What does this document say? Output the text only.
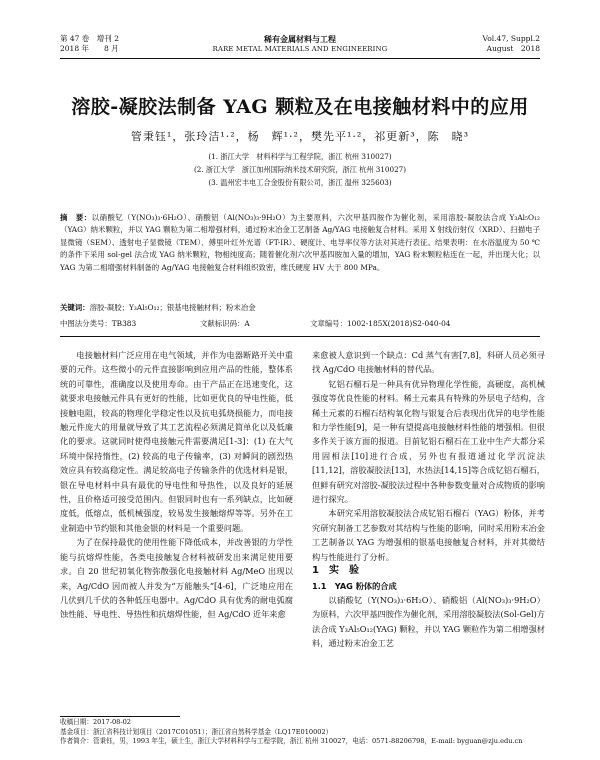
第 47 卷　增刊 2
2018 年　　8 月
稀有金属材料与工程
RARE METAL MATERIALS AND ENGINEERING
Vol.47, Suppl.2
August　2018
溶胶-凝胶法制备 YAG 颗粒及在电接触材料中的应用
管秉钰¹，张玲洁¹·²，杨　辉¹·²，樊先平¹·²，祁更新³，陈　晓³
(1. 浙江大学　材料科学与工程学院，浙江 杭州 310027)
(2. 浙江大学　浙江加州国际纳米技术研究院，浙江 杭州 310027)
(3. 温州宏丰电工合金股份有限公司，浙江 温州 325603)
摘　要：以硝酸钇（Y(NO₃)₃·6H₂O）、硝酸铝（Al(NO₃)₃·9H₂O）为主要原料，六次甲基四胺作为催化剂，采用溶胶-凝胶法合成 Y₃Al₅O₁₂（YAG）纳米颗粒，并以 YAG 颗粒为第二相增强材料，通过粉末冶金工艺制备 Ag/YAG 电接触复合材料。采用 X 射线衍射仪（XRD）、扫描电子显微镜（SEM）、透射电子显微镜（TEM）、傅里叶红外光谱（FT-IR）、硬度计、电导率仪等方法对其进行表征。结果表明：在水浴温度为 50 ℃的条件下采用 sol-gel 法合成 YAG 纳米颗粒，物相纯度高；随着催化剂六次甲基四胺加入量的增加，YAG 粉末颗粒粘连在一起，并出现大化；以 YAG 为第二相增强材料制备的 Ag/YAG 电接触复合材料组织致密，维氏硬度 HV 大于 800 MPa。
关键词：溶胶-凝胶；Y₃Al₅O₁₂；银基电接触材料；粉末冶金
中图法分类号：TB383	文献标识码：A	文章编号：1002-185X(2018)S2-040-04

电接触材料广泛应用在电气领域，并作为电器断路开关中重要的元件。这些微小的元件直接影响到应用产品的性能，整体系统的可靠性，准确度以及使用寿命。由于产品正在迅速变化，这就要求电接触元件具有更好的性能，比如更优良的导电性能，低接触电阻，较高的物理化学稳定性以及抗电弧烧损能力，而电接触元件庞大的用量就导致了其工艺流程必须满足简单化以及低廉化的要求。这就同时使得电接触元件需要满足[1-3]：(1) 在大气环境中保持惰性，(2) 较高的电子传输率，(3) 对瞬间的剧烈热效应具有较高稳定性。满足较高电子传输条件的优选材料是银，银在导电材料中具有最优的导电性和导热性，以及良好的延展性，且价格适可接受范围内。但银同时也有一系列缺点，比如硬度低，低熔点，低机械强度，较易发生接触熔焊等等。另外在工业制造中节约银和其他金银的材料是一个重要问题。

为了在保持最优的使用性能下降低成本，并改善银的力学性能与抗熔焊性能，各类电接触复合材料被研发出来满足使用要求。自 20 世纪初氧化物弥散强化电接触材料 Ag/MeO 出现以来，Ag/CdO 因而被人并发为“万能触头”[4-6]，广泛地应用在几伏到几千伏的各种低压电器中。Ag/CdO 具有优秀的耐电弧腐蚀性能、导电性、导热性和抗熔焊性能，但 Ag/CdO 近年来愈

来愈被人意识到一个缺点：Cd 蒸气有害[7,8]，科研人员必须寻找 Ag/CdO 电接触材料的替代品。

钇铝石榴石是一种具有优异物理化学性能，高硬度，高机械强度等优良性能的材料。稀土元素具有特殊的外层电子结构，含稀土元素的石榴石结构氧化物与银复合后表现出优异的电学性能和力学性能[9]，是一种有望提高电接触材料性能的增强相。但很多作关于该方面的报道。目前钇铝石榴石在工业中生产大都分采用固相法[10]进行合成，另外也有报道通过化学沉淀法[11,12]，溶胶凝胶法[13]，水热法[14,15]等合成钇铝石榴石，但鲜有研究对溶胶-凝胶法过程中各种参数变量对合成物质的影响进行探究。

本研究采用溶胶凝胶法合成钇铝石榴石（YAG）粉体，并考究研究制备工艺参数对其结构与性能的影响，同时采用粉末冶金工艺制备以 YAG 为增强相的银基电接触复合材料，并对其微结构与性能进行了分析。

1　实　验

1.1　YAG 粉体的合成

以硝酸钇（Y(NO₃)₃·6H₂O）、硝酸铝（Al(NO₃)₃·9H₂O）为原料，六次甲基四胺作为催化剂，采用溶胶凝胶法(Sol-Gel)方法合成 Y₃Al₅O₁₂(YAG) 颗粒，并以 YAG 颗粒作为第二相增强材料，通过粉末冶金工艺

收稿日期：2017-08-02
基金项目：浙江省科技计划项目（2017C01051）；浙江省自然科学基金（LQ17E010002）
作者简介：管秉钰，男，1993 年生，硕士生，浙江大学材料科学与工程学院，浙江 杭州 310027，电话：0571-88206798，E-mail: byguan@zju.edu.cn
